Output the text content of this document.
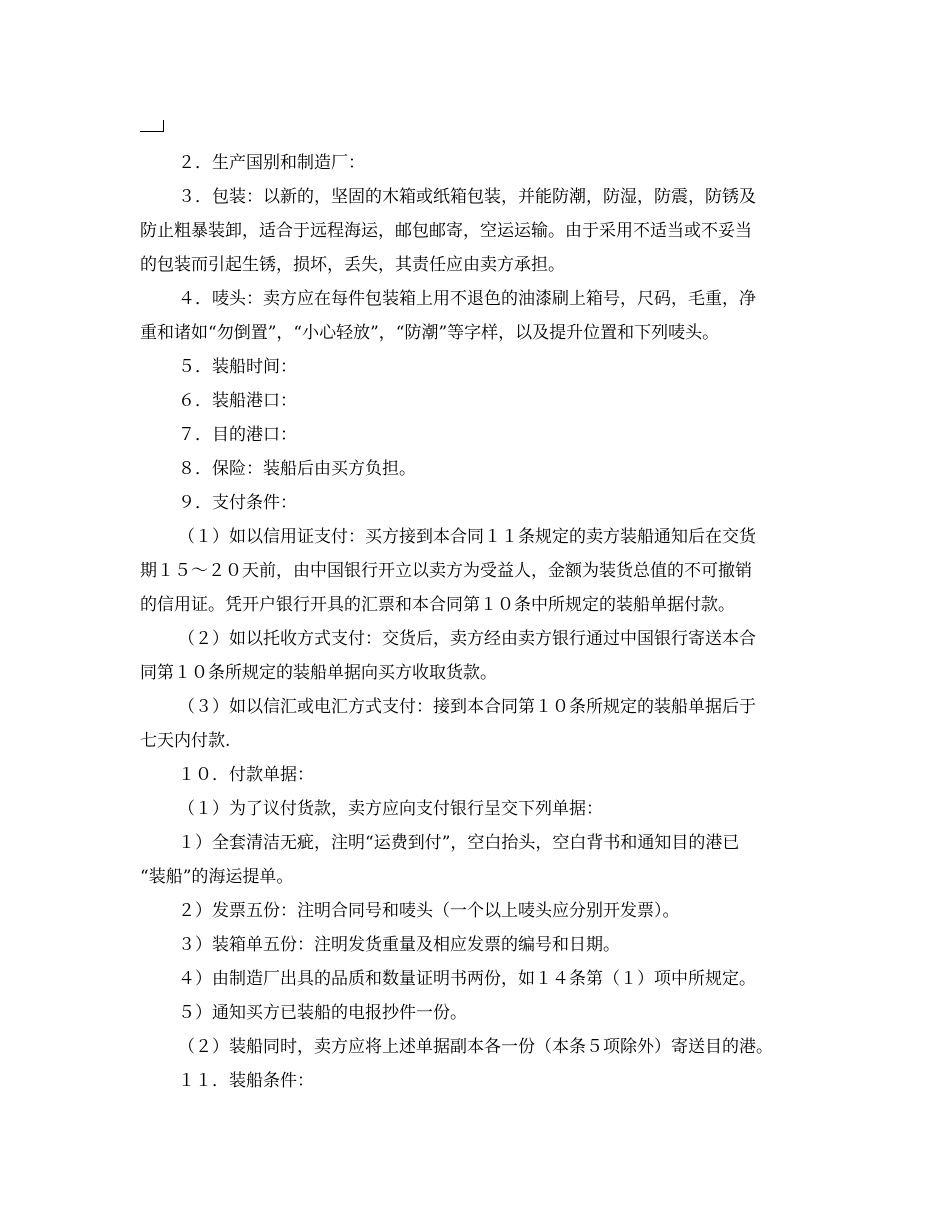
２．生产国别和制造厂：

３．包装：以新的，坚固的木箱或纸箱包装，并能防潮，防湿，防震，防锈及

防止粗暴装卸，适合于远程海运，邮包邮寄，空运运输。由于采用不适当或不妥当

的包装而引起生锈，损坏，丢失，其责任应由卖方承担。

４．唛头：卖方应在每件包装箱上用不退色的油漆刷上箱号，尺码，毛重，净

重和诸如“勿倒置”，“小心轻放”，“防潮”等字样，以及提升位置和下列唛头。

５．装船时间：

６．装船港口：

７．目的港口：

８．保险：装船后由买方负担。

９．支付条件：

（１）如以信用证支付：买方接到本合同１１条规定的卖方装船通知后在交货

期１５～２０天前，由中国银行开立以卖方为受益人，金额为装货总值的不可撤销

的信用证。凭开户银行开具的汇票和本合同第１０条中所规定的装船单据付款。

（２）如以托收方式支付：交货后，卖方经由卖方银行通过中国银行寄送本合

同第１０条所规定的装船单据向买方收取货款。

（３）如以信汇或电汇方式支付：接到本合同第１０条所规定的装船单据后于

七天内付款.

１０．付款单据：

（１）为了议付货款，卖方应向支付银行呈交下列单据：

１）全套清洁无疵，注明“运费到付”，空白抬头，空白背书和通知目的港已

“装船”的海运提单。

２）发票五份：注明合同号和唛头（一个以上唛头应分别开发票）。

３）装箱单五份：注明发货重量及相应发票的编号和日期。

４）由制造厂出具的品质和数量证明书两份，如１４条第（１）项中所规定。

５）通知买方已装船的电报抄件一份。

（２）装船同时，卖方应将上述单据副本各一份（本条５项除外）寄送目的港。

１１．装船条件：
